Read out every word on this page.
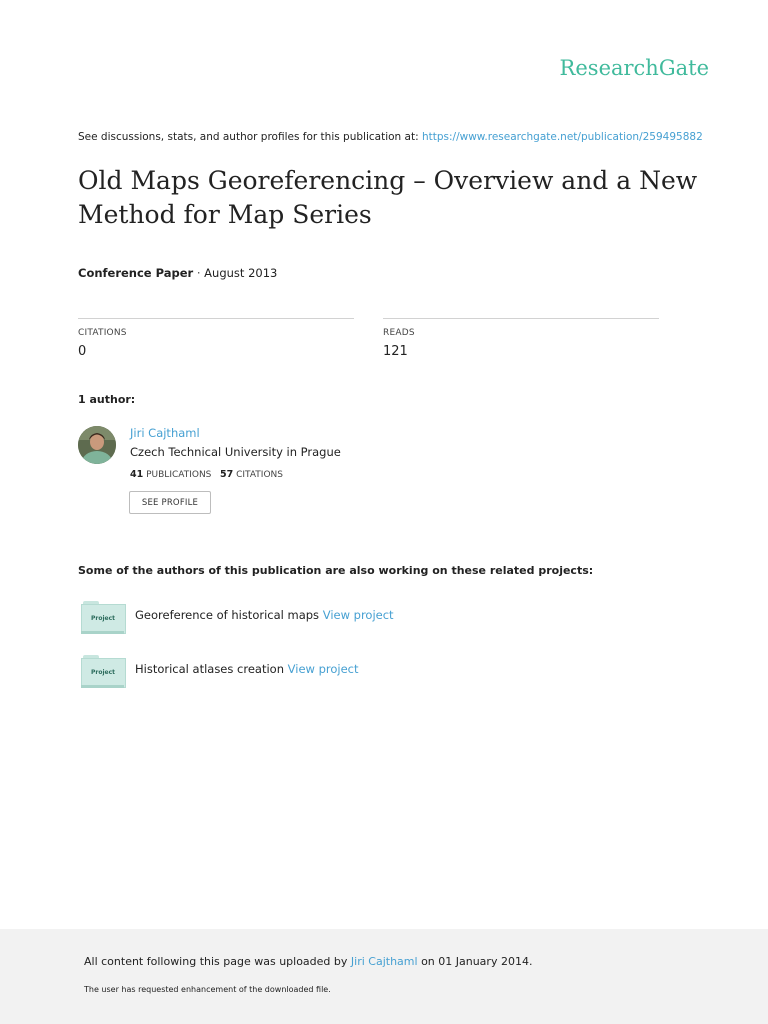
ResearchGate
See discussions, stats, and author profiles for this publication at: https://www.researchgate.net/publication/259495882
Old Maps Georeferencing – Overview and a New Method for Map Series
Conference Paper · August 2013
CITATIONS
0
READS
121
1 author:
Jiri Cajthaml
Czech Technical University in Prague
41 PUBLICATIONS 57 CITATIONS
SEE PROFILE
Some of the authors of this publication are also working on these related projects:
Project	Georeference of historical maps View project
Project	Historical atlases creation View project
All content following this page was uploaded by Jiri Cajthaml on 01 January 2014.
The user has requested enhancement of the downloaded file.
